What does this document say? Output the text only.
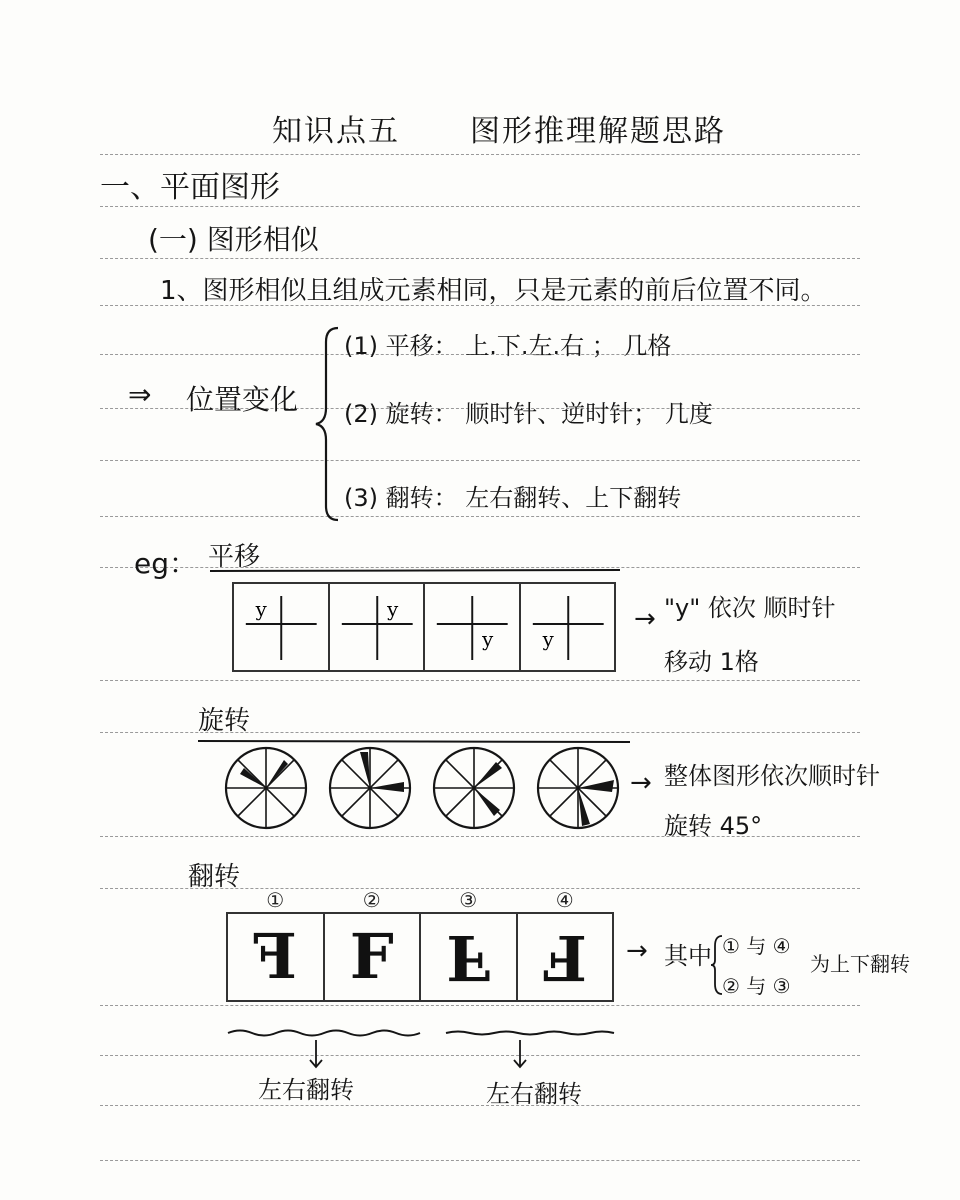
知识点五 图形推理解题思路
一、平面图形
(一) 图形相似
1、图形相似且组成元素相同，只是元素的前后位置不同。
⇒ 位置变化
(1) 平移： 上.下.左.右 ； 几格
(2) 旋转： 顺时针、逆时针； 几度
(3) 翻转： 左右翻转、上下翻转
eg： 平移
y	y
y y
→ "y" 依次 顺时针
移动 1格
旋转
→ 整体图形依次顺时针
旋转 45°
翻转
①
F
②
F
③
F
④
F → 其中 ① 与 ④
② 与 ③
为上下翻转
左右翻转	左右翻转
